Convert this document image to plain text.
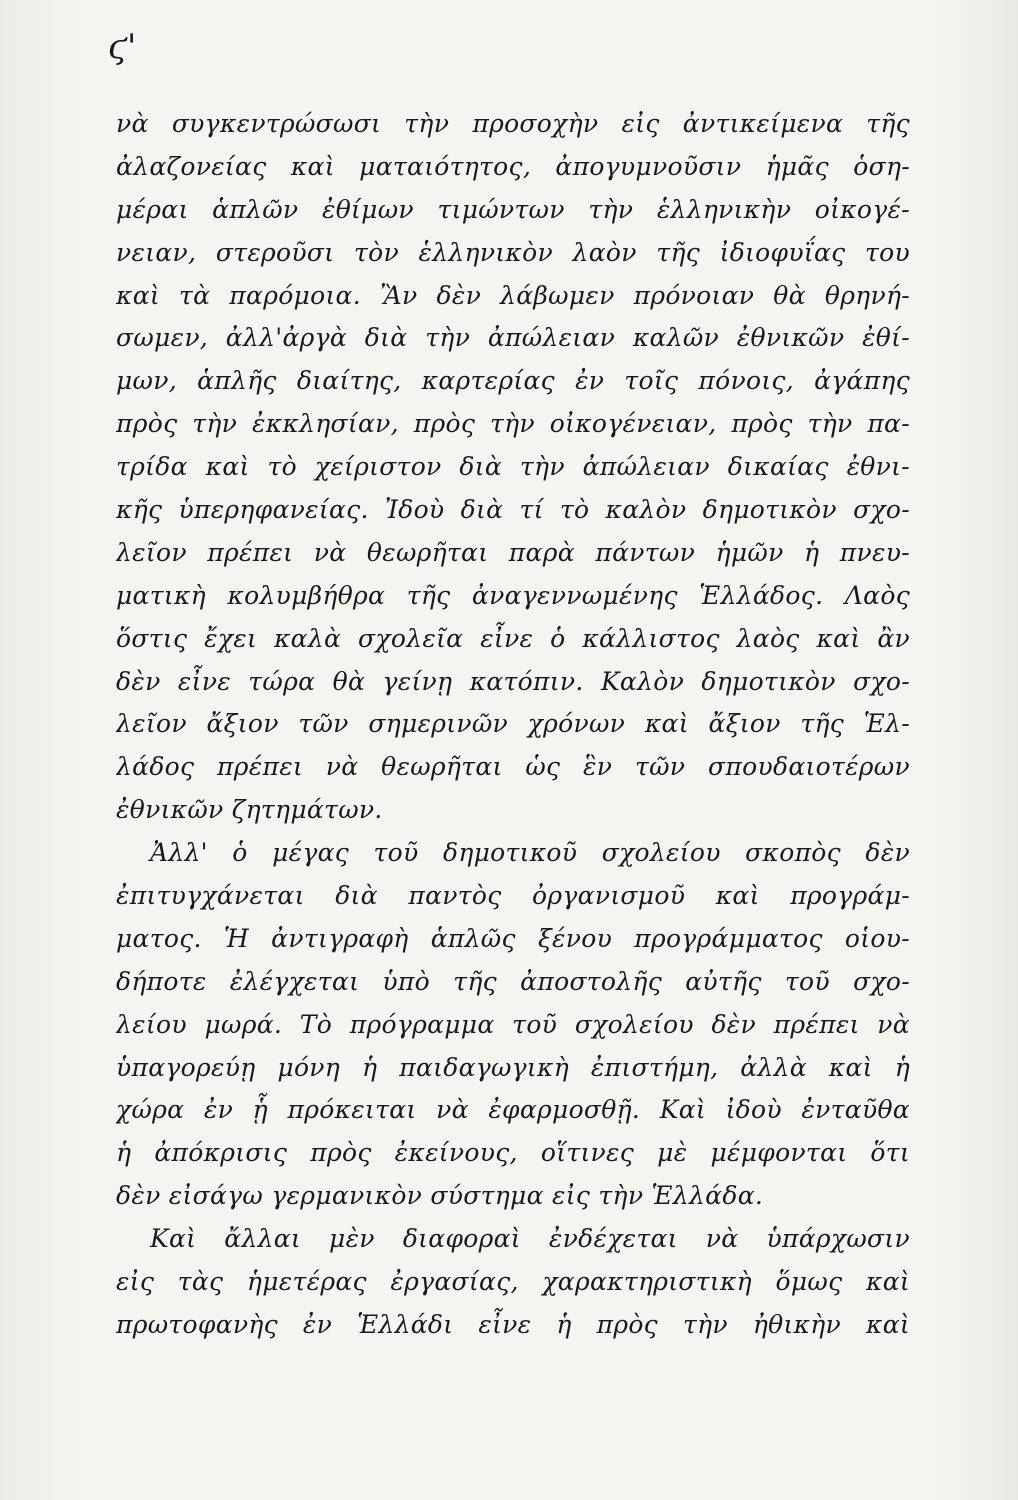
ϛ'
νὰ συγκεντρώσωσι τὴν προσοχὴν εἰς ἀντικείμενα τῆς
ἀλαζονείας καὶ ματαιότητος, ἀπογυμνοῦσιν ἡμᾶς ὁση-
μέραι ἁπλῶν ἐθίμων τιμώντων τὴν ἑλληνικὴν οἰκογέ-
νειαν, στεροῦσι τὸν ἑλληνικὸν λαὸν τῆς ἰδιοφυΐας του
καὶ τὰ παρόμοια. Ἂν δὲν λάβωμεν πρόνοιαν θὰ θρηνή-
σωμεν, ἀλλ'ἀργὰ διὰ τὴν ἀπώλειαν καλῶν ἐθνικῶν ἐθί-
μων, ἁπλῆς διαίτης, καρτερίας ἐν τοῖς πόνοις, ἀγάπης
πρὸς τὴν ἐκκλησίαν, πρὸς τὴν οἰκογένειαν, πρὸς τὴν πα-
τρίδα καὶ τὸ χείριστον διὰ τὴν ἀπώλειαν δικαίας ἐθνι-
κῆς ὑπερηφανείας. Ἰδοὺ διὰ τί τὸ καλὸν δημοτικὸν σχο-
λεῖον πρέπει νὰ θεωρῆται παρὰ πάντων ἡμῶν ἡ πνευ-
ματικὴ κολυμβήθρα τῆς ἀναγεννωμένης Ἑλλάδος. Λαὸς
ὅστις ἔχει καλὰ σχολεῖα εἶνε ὁ κάλλιστος λαὸς καὶ ἂν
δὲν εἶνε τώρα θὰ γείνῃ κατόπιν. Καλὸν δημοτικὸν σχο-
λεῖον ἄξιον τῶν σημερινῶν χρόνων καὶ ἄξιον τῆς Ἑλ-
λάδος πρέπει νὰ θεωρῆται ὡς ἓν τῶν σπουδαιοτέρων
ἐθνικῶν ζητημάτων.
Ἀλλ' ὁ μέγας τοῦ δημοτικοῦ σχολείου σκοπὸς δὲν
ἐπιτυγχάνεται διὰ παντὸς ὀργανισμοῦ καὶ προγράμ-
ματος. Ἡ ἀντιγραφὴ ἁπλῶς ξένου προγράμματος οἱου-
δήποτε ἐλέγχεται ὑπὸ τῆς ἀποστολῆς αὐτῆς τοῦ σχο-
λείου μωρά. Τὸ πρόγραμμα τοῦ σχολείου δὲν πρέπει νὰ
ὑπαγορεύῃ μόνη ἡ παιδαγωγικὴ ἐπιστήμη, ἀλλὰ καὶ ἡ
χώρα ἐν ᾗ πρόκειται νὰ ἐφαρμοσθῇ. Καὶ ἰδοὺ ἐνταῦθα
ἡ ἀπόκρισις πρὸς ἐκείνους, οἵτινες μὲ μέμφονται ὅτι
δὲν εἰσάγω γερμανικὸν σύστημα εἰς τὴν Ἑλλάδα.
Καὶ ἄλλαι μὲν διαφοραὶ ἐνδέχεται νὰ ὑπάρχωσιν
εἰς τὰς ἡμετέρας ἐργασίας, χαρακτηριστικὴ ὅμως καὶ
πρωτοφανὴς ἐν Ἑλλάδι εἶνε ἡ πρὸς τὴν ἠθικὴν καὶ
